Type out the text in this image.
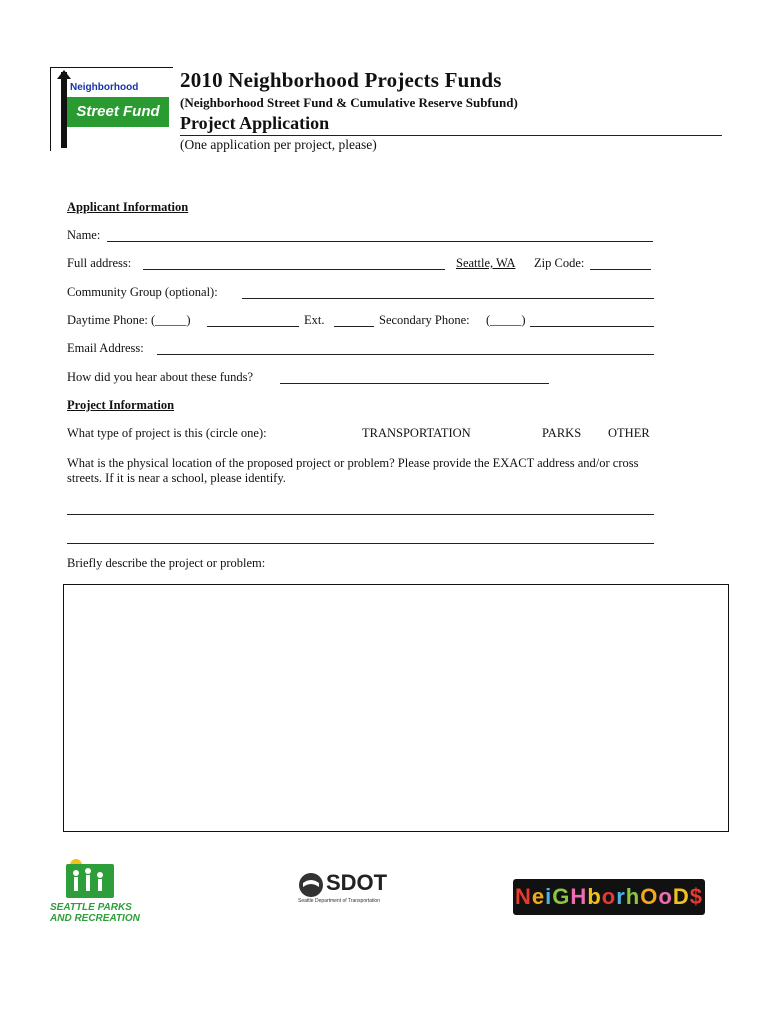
Neighborhood
Street Fund
2010 Neighborhood Projects Funds
(Neighborhood Street Fund & Cumulative Reserve Subfund)
Project Application
(One application per project, please)
Applicant Information
Name:
Full address:	Seattle, WA Zip Code:
Community Group (optional):
Daytime Phone: (_____)	Ext.	Secondary Phone: (_____)
Email Address:
How did you hear about these funds?
Project Information
What type of project is this (circle one):	TRANSPORTATION	PARKS OTHER
What is the physical location of the proposed project or problem? Please provide the EXACT address and/or cross
streets. If it is near a school, please identify.
Briefly describe the project or problem:
SEATTLE PARKS
AND RECREATION
SDOT
Seattle Department of Transportation	NeiGHborhOoD$
